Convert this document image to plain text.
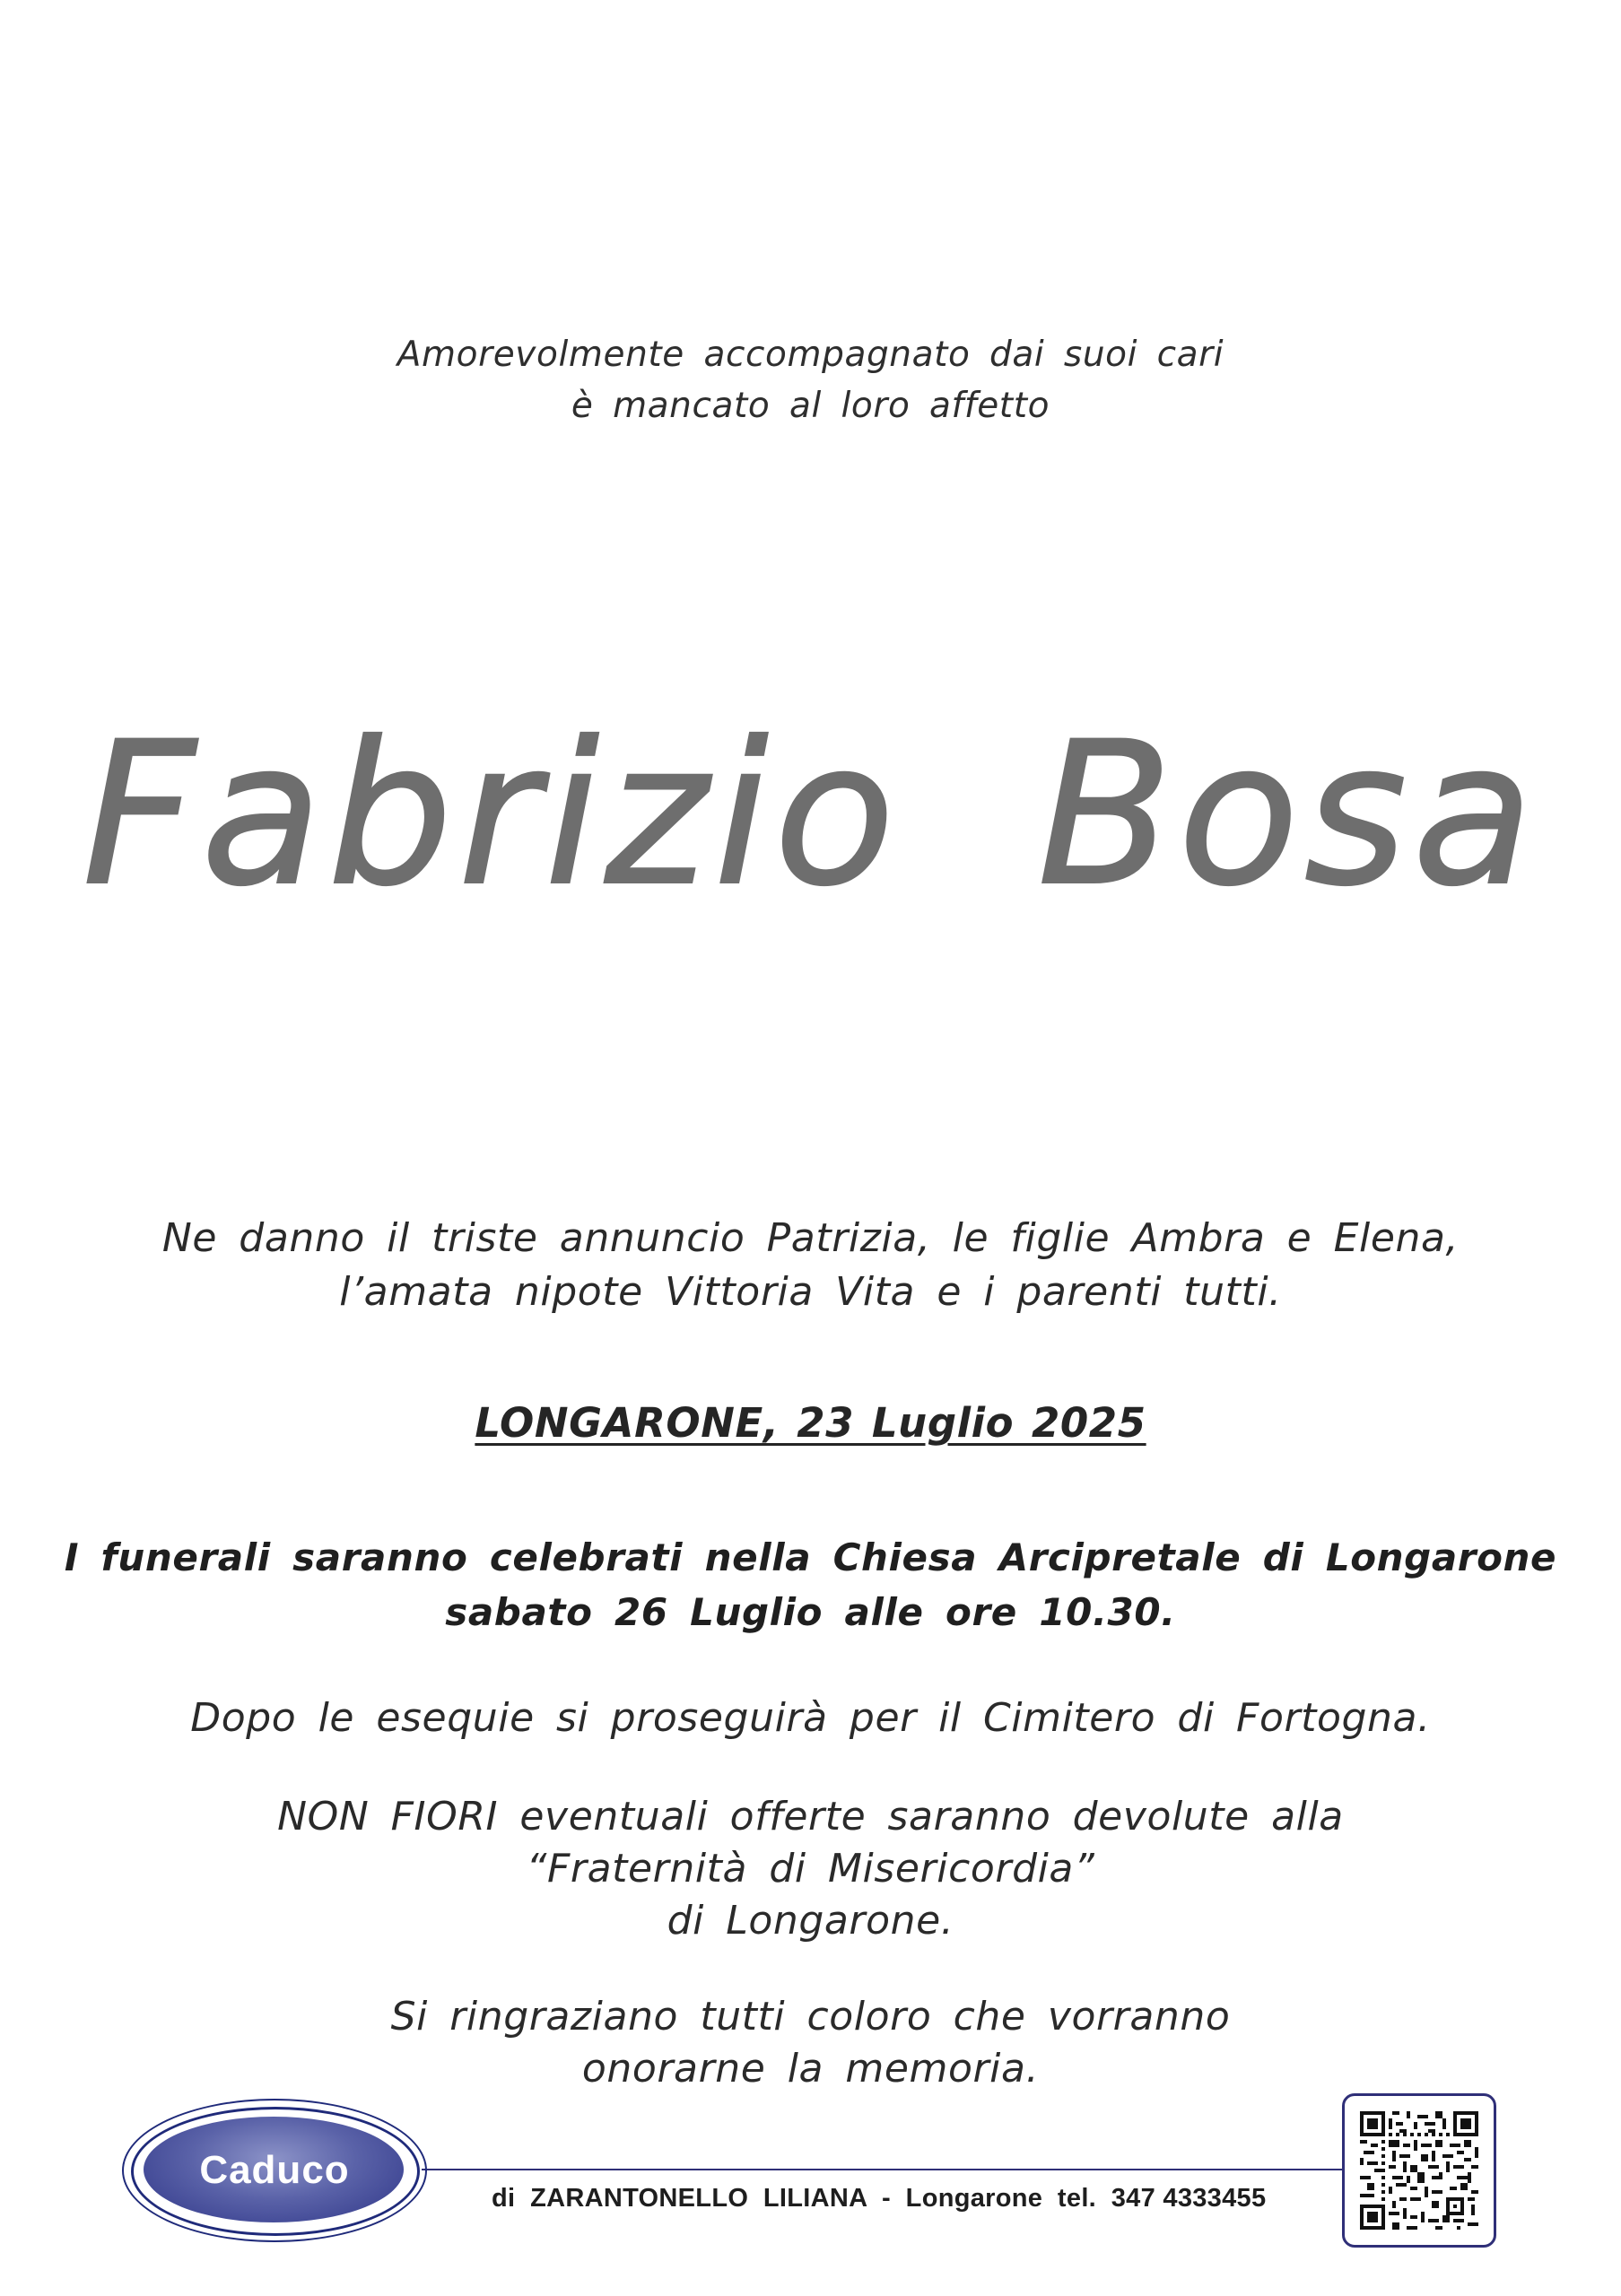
Amorevolmente accompagnato dai suoi cari
è mancato al loro affetto
Fabrizio Bosa
Ne danno il triste annuncio Patrizia, le figlie Ambra e Elena,
l’amata nipote Vittoria Vita e i parenti tutti.
LONGARONE, 23 Luglio 2025
I funerali saranno celebrati nella Chiesa Arcipretale di Longarone
sabato 26 Luglio alle ore 10.30.
Dopo le esequie si proseguirà per il Cimitero di Fortogna.
NON FIORI eventuali offerte saranno devolute alla
“Fraternità di Misericordia”
di Longarone.
Si ringraziano tutti coloro che vorranno
onorarne la memoria.
Caduco
di  ZARANTONELLO  LILIANA  -  Longarone  tel.  347 4333455
